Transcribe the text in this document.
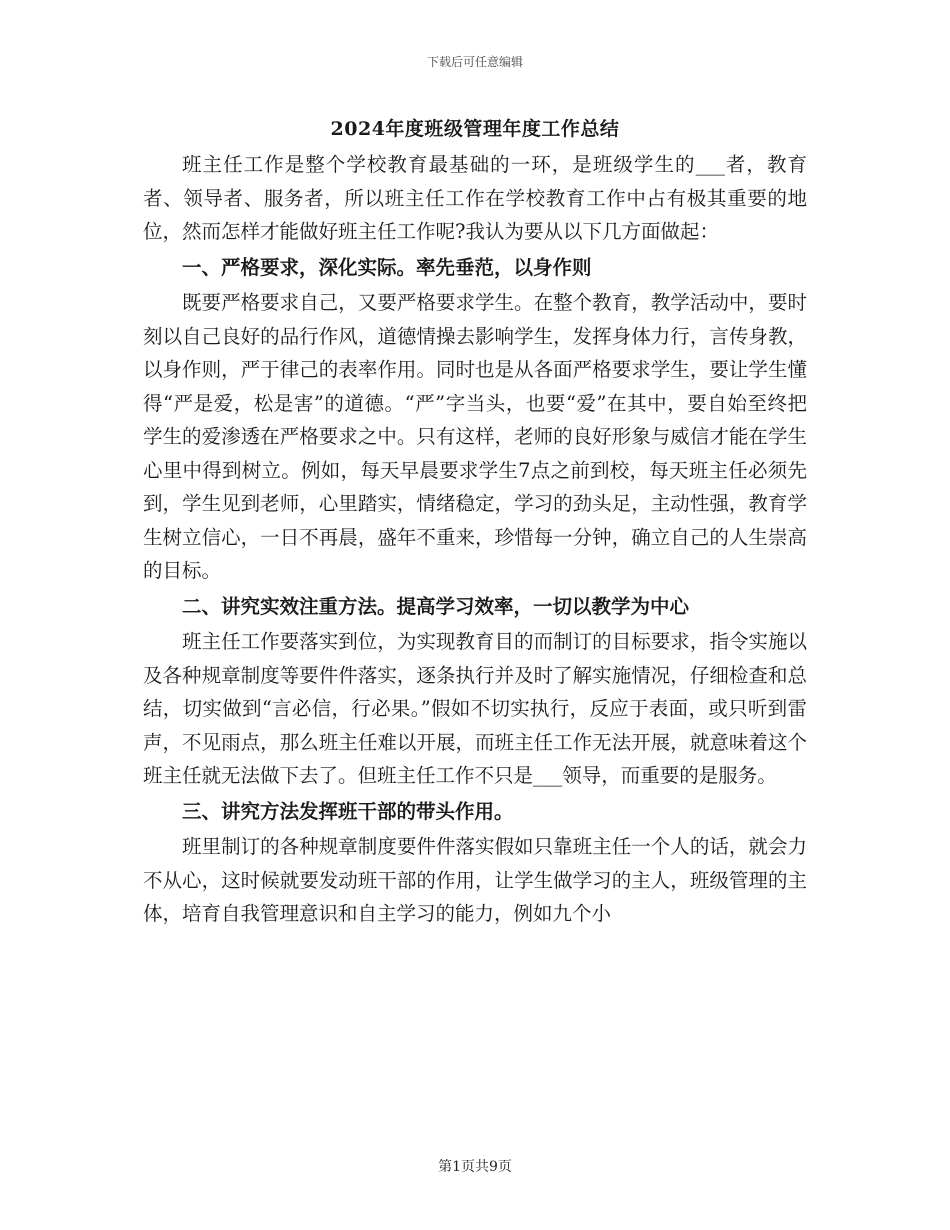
下载后可任意编辑
2024年度班级管理年度工作总结

班主任工作是整个学校教育最基础的一环，是班级学生的___者，教育者、领导者、服务者，所以班主任工作在学校教育工作中占有极其重要的地位，然而怎样才能做好班主任工作呢?我认为要从以下几方面做起：

一、严格要求，深化实际。率先垂范，以身作则

既要严格要求自己，又要严格要求学生。在整个教育，教学活动中，要时刻以自己良好的品行作风，道德情操去影响学生，发挥身体力行，言传身教，以身作则，严于律己的表率作用。同时也是从各面严格要求学生，要让学生懂得“严是爱，松是害”的道德。“严”字当头，也要“爱”在其中，要自始至终把学生的爱渗透在严格要求之中。只有这样，老师的良好形象与威信才能在学生心里中得到树立。例如，每天早晨要求学生7点之前到校，每天班主任必须先到，学生见到老师，心里踏实，情绪稳定，学习的劲头足，主动性强，教育学生树立信心，一日不再晨，盛年不重来，珍惜每一分钟，确立自己的人生崇高的目标。

二、讲究实效注重方法。提高学习效率，一切以教学为中心

班主任工作要落实到位，为实现教育目的而制订的目标要求，指令实施以及各种规章制度等要件件落实，逐条执行并及时了解实施情况，仔细检查和总结，切实做到“言必信，行必果。”假如不切实执行，反应于表面，或只听到雷声，不见雨点，那么班主任难以开展，而班主任工作无法开展，就意味着这个班主任就无法做下去了。但班主任工作不只是___领导，而重要的是服务。

三、讲究方法发挥班干部的带头作用。

班里制订的各种规章制度要件件落实假如只靠班主任一个人的话，就会力不从心，这时候就要发动班干部的作用，让学生做学习的主人，班级管理的主体，培育自我管理意识和自主学习的能力，例如九个小

第1页共9页
